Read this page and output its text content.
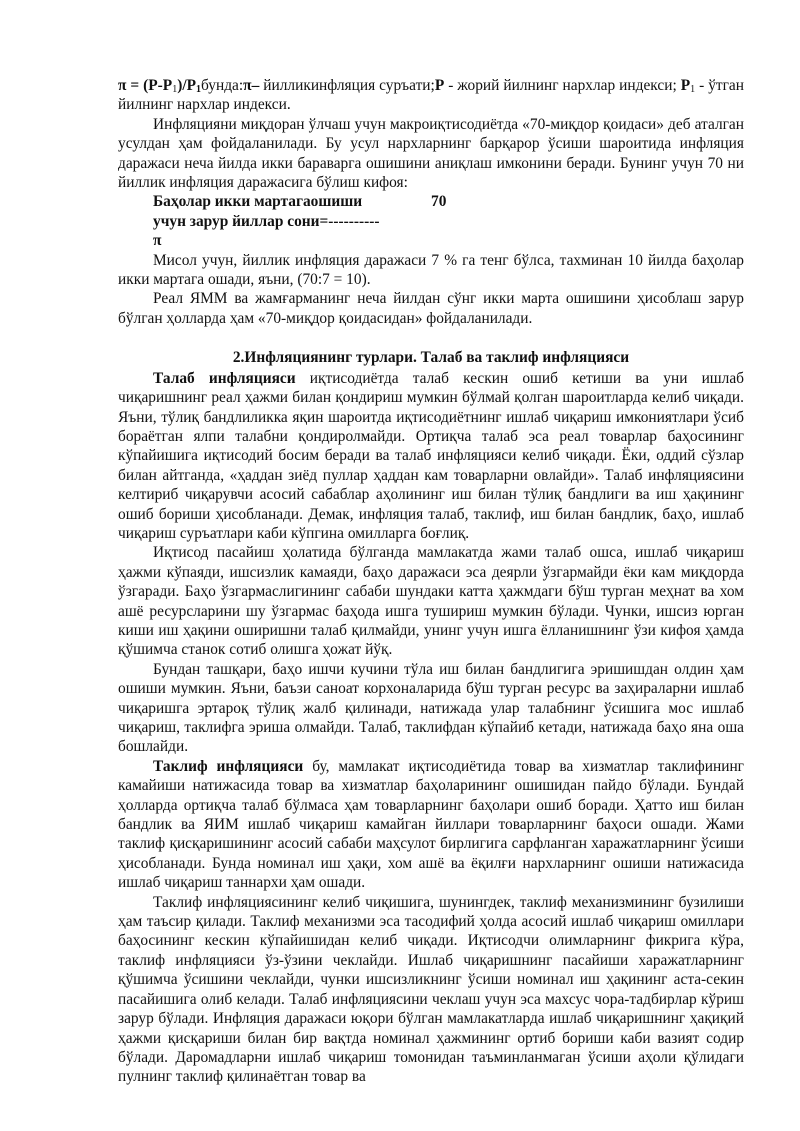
$\pi = (Р-Р_1)/Р_1бунда:\pi-$ йилликинфляция суръати;Р - жорий йилнинг нархлар индекси; $Р_1$ - ўтган йилнинг нархлар индекси.

Инфляцияни миқдоран ўлчаш учун макроиқтисодиётда «70-миқдор қоидаси» деб аталган усулдан ҳам фойдаланилади. Бу усул нархларнинг барқарор ўсиши шароитида инфляция даражаси неча йилда икки бараварга ошишини аниқлаш имконини беради. Бунинг учун 70 ни йиллик инфляция даражасига бўлиш кифоя:

Баҳолар икки мартагаошиши	70
учун зарур йиллар сони= ----------
π

Мисол учун, йиллик инфляция даражаси 7 % га тенг бўлса, тахминан 10 йилда баҳолар икки мартага ошади, яъни, (70:7 = 10).

Реал ЯММ ва жамғарманинг неча йилдан сўнг икки марта ошишини ҳисоблаш зарур бўлган ҳолларда ҳам «70-миқдор қоидасидан» фойдаланилади.

2.Инфляциянинг турлари. Талаб ва таклиф инфляцияси

Талаб инфляцияси иқтисодиётда талаб кескин ошиб кетиши ва уни ишлаб чиқаришнинг реал ҳажми билан қондириш мумкин бўлмай қолган шароитларда келиб чиқади. Яъни, тўлиқ бандлиликка яқин шароитда иқтисодиётнинг ишлаб чиқариш имкониятлари ўсиб бораётган ялпи талабни қондиролмайди. Ортиқча талаб эса реал товарлар баҳосининг кўпайишига иқтисодий босим беради ва талаб инфляцияси келиб чиқади. Ёки, оддий сўзлар билан айтганда, «ҳаддан зиёд пуллар ҳаддан кам товарларни овлайди». Талаб инфляциясини келтириб чиқарувчи асосий сабаблар аҳолининг иш билан тўлиқ бандлиги ва иш ҳақининг ошиб бориши ҳисобланади. Демак, инфляция талаб, таклиф, иш билан бандлик, баҳо, ишлаб чиқариш суръатлари каби кўпгина омилларга боғлиқ.

Иқтисод пасайиш ҳолатида бўлганда мамлакатда жами талаб ошса, ишлаб чиқариш ҳажми кўпаяди, ишсизлик камаяди, баҳо даражаси эса деярли ўзгармайди ёки кам миқдорда ўзгаради. Баҳо ўзгармаслигининг сабаби шундаки катта ҳажмдаги бўш турган меҳнат ва хом ашё ресурсларини шу ўзгармас баҳода ишга тушириш мумкин бўлади. Чунки, ишсиз юрган киши иш ҳақини оширишни талаб қилмайди, унинг учун ишга ёлланишнинг ўзи кифоя ҳамда қўшимча станок сотиб олишга ҳожат йўқ.

Бундан ташқари, баҳо ишчи кучини тўла иш билан бандлигига эришишдан олдин ҳам ошиши мумкин. Яъни, баъзи саноат корхоналарида бўш турган ресурс ва заҳираларни ишлаб чиқаришга эртароқ тўлиқ жалб қилинади, натижада улар талабнинг ўсишига мос ишлаб чиқариш, таклифга эриша олмайди. Талаб, таклифдан кўпайиб кетади, натижада баҳо яна оша бошлайди.

Таклиф инфляцияси бу, мамлакат иқтисодиётида товар ва хизматлар таклифининг камайиши натижасида товар ва хизматлар баҳоларининг ошишидан пайдо бўлади. Бундай ҳолларда ортиқча талаб бўлмаса ҳам товарларнинг баҳолари ошиб боради. Ҳатто иш билан бандлик ва ЯИМ ишлаб чиқариш камайган йиллари товарларнинг баҳоси ошади. Жами таклиф қисқаришининг асосий сабаби маҳсулот бирлигига сарфланган харажатларнинг ўсиши ҳисобланади. Бунда номинал иш ҳақи, хом ашё ва ёқилғи нархларнинг ошиши натижасида ишлаб чиқариш таннархи ҳам ошади.

Таклиф инфляциясининг келиб чиқишига, шунингдек, таклиф механизмининг бузилиши ҳам таъсир қилади. Таклиф механизми эса тасодифий ҳолда асосий ишлаб чиқариш омиллари баҳосининг кескин кўпайишидан келиб чиқади. Иқтисодчи олимларнинг фикрига кўра, таклиф инфляцияси ўз-ўзини чеклайди. Ишлаб чиқаришнинг пасайиши харажатларнинг қўшимча ўсишини чеклайди, чунки ишсизликнинг ўсиши номинал иш ҳақининг аста-секин пасайишига олиб келади. Талаб инфляциясини чеклаш учун эса махсус чора-тадбирлар кўриш зарур бўлади. Инфляция даражаси юқори бўлган мамлакатларда ишлаб чиқаришнинг ҳақиқий ҳажми қисқариши билан бир вақтда номинал ҳажмининг ортиб бориши каби вазият содир бўлади. Даромадларни ишлаб чиқариш томонидан таъминланмаган ўсиши аҳоли қўлидаги пулнинг таклиф қилинаётган товар ва
